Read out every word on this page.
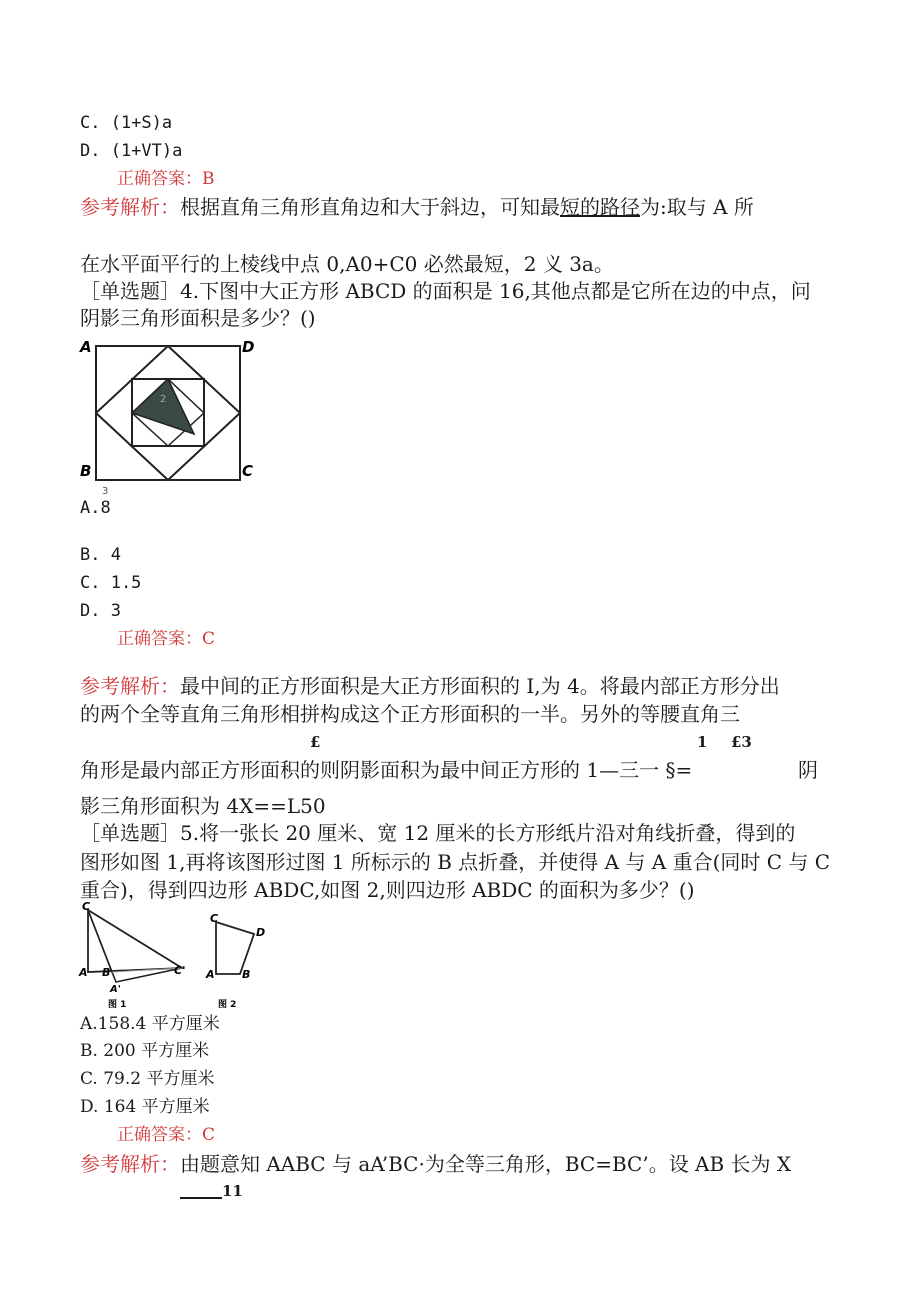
C. (1+S)a
D. (1+VT)a
正确答案：B
参考解析：根据直角三角形直角边和大于斜边，可知最短的路径为:取与 A 所
在水平面平行的上棱线中点 0,A0+C0 必然最短，2 义 3a。
［单选题］4.下图中大正方形 ABCD 的面积是 16,其他点都是它所在边的中点，问
阴影三角形面积是多少？()
A	D
B	C
2
3
A.8
B. 4
C. 1.5
D. 3
正确答案：C
参考解析：最中间的正方形面积是大正方形面积的 I,为 4。将最内部正方形分出
的两个全等直角三角形相拼构成这个正方形面积的一半。另外的等腰直角三
£	1 £3
角形是最内部正方形面积的则阴影面积为最中间正方形的 1—三一 §=	阴
影三角形面积为 4X==L50
［单选题］5.将一张长 20 厘米、宽 12 厘米的长方形纸片沿对角线折叠，得到的
图形如图 1,再将该图形过图 1 所标示的 B 点折叠，并使得 A 与 A 重合(同时 C 与 C
重合)，得到四边形 ABDC,如图 2,则四边形 ABDC 的面积为多少？()
C
A B	C'
A'
图 1
C
D
A B
图 2
A.158.4 平方厘米
B. 200 平方厘米
C. 79.2 平方厘米
D. 164 平方厘米
正确答案：C
参考解析：由题意知 AABC 与 aA’BC·为全等三角形，BC=BC’。设 AB 长为 X
11
